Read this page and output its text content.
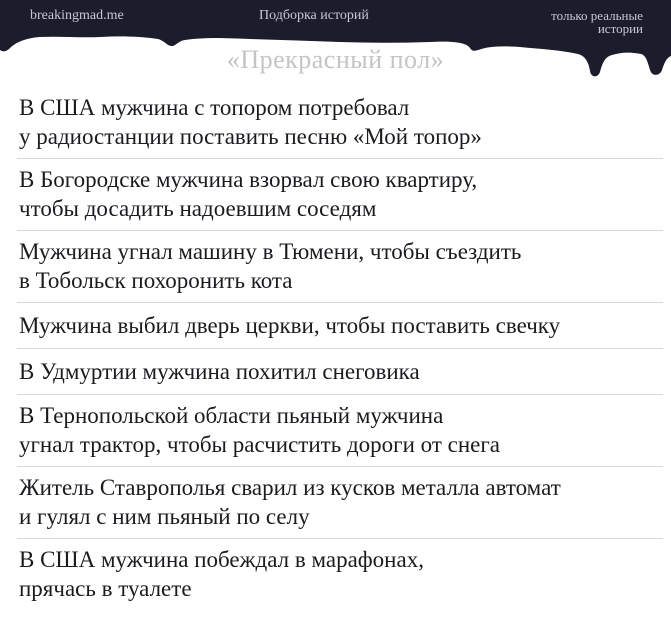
breakingmad.me	Подборка историй	только реальные
истории
«Прекрасный пол»
В США мужчина с топором потребовал
у радиостанции поставить песню «Мой топор»
В Богородске мужчина взорвал свою квартиру,
чтобы досадить надоевшим соседям
Мужчина угнал машину в Тюмени, чтобы съездить
в Тобольск похоронить кота
Мужчина выбил дверь церкви, чтобы поставить свечку
В Удмуртии мужчина похитил снеговика
В Тернопольской области пьяный мужчина
угнал трактор, чтобы расчистить дороги от снега
Житель Ставрополья сварил из кусков металла автомат
и гулял с ним пьяный по селу
В США мужчина побеждал в марафонах,
прячась в туалете
